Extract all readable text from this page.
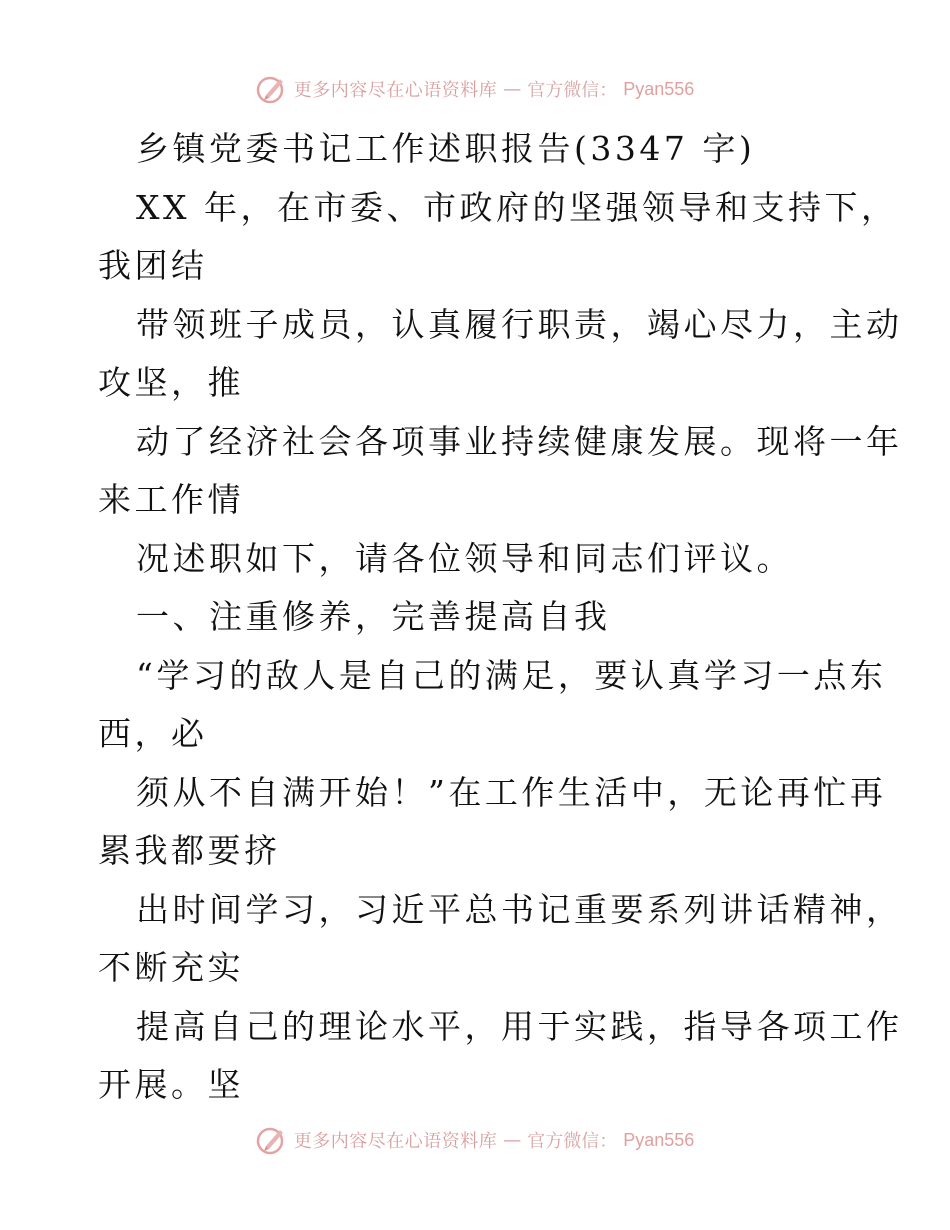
更多内容尽在心语资料库 — 官方微信： Pyan556
乡镇党委书记工作述职报告(3347 字)
XX 年，在市委、市政府的坚强领导和支持下，
我团结
带领班子成员，认真履行职责，竭心尽力，主动
攻坚，推
动了经济社会各项事业持续健康发展。现将一年
来工作情
况述职如下，请各位领导和同志们评议。
一、注重修养，完善提高自我
“学习的敌人是自己的满足，要认真学习一点东
西，必
须从不自满开始！”在工作生活中，无论再忙再
累我都要挤
出时间学习，习近平总书记重要系列讲话精神，
不断充实
提高自己的理论水平，用于实践，指导各项工作
开展。坚
更多内容尽在心语资料库 — 官方微信： Pyan556
